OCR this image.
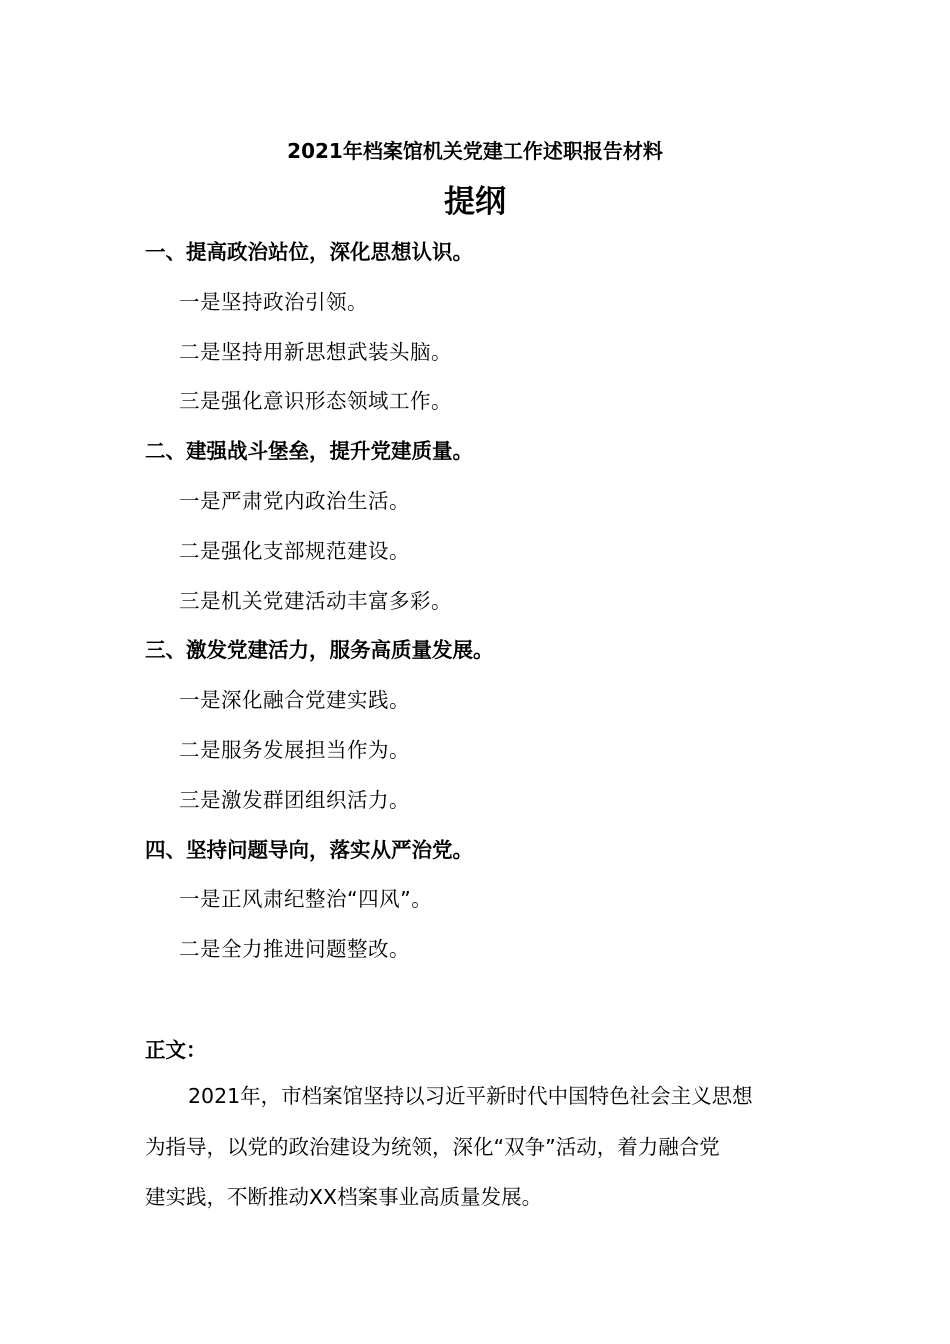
2021年档案馆机关党建工作述职报告材料
提纲
一、提高政治站位，深化思想认识。
一是坚持政治引领。
二是坚持用新思想武装头脑。
三是强化意识形态领域工作。
二、建强战斗堡垒，提升党建质量。
一是严肃党内政治生活。
二是强化支部规范建设。
三是机关党建活动丰富多彩。
三、激发党建活力，服务高质量发展。
一是深化融合党建实践。
二是服务发展担当作为。
三是激发群团组织活力。
四、坚持问题导向，落实从严治党。
一是正风肃纪整治“四风”。
二是全力推进问题整改。
正文：
2021年，市档案馆坚持以习近平新时代中国特色社会主义思想
为指导，以党的政治建设为统领，深化“双争”活动，着力融合党
建实践，不断推动XX档案事业高质量发展。
